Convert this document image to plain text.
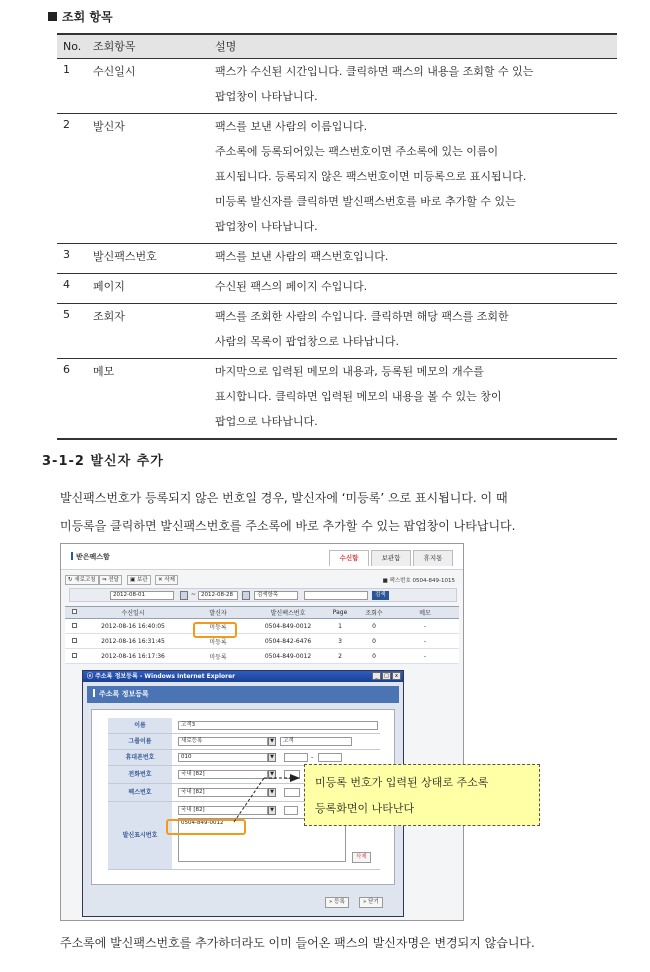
조회 항목
No.	조회항목	설명
1	수신일시	팩스가 수신된 시간입니다. 클릭하면 팩스의 내용을 조회할 수 있는
팝업창이 나타납니다.

2	발신자	팩스를 보낸 사람의 이름입니다.
주소록에 등록되어있는 팩스번호이면 주소록에 있는 이름이
표시됩니다. 등록되지 않은 팩스번호이면 미등록으로 표시됩니다.
미등록 발신자를 클릭하면 발신팩스번호를 바로 추가할 수 있는
팝업창이 나타납니다.

3	발신팩스번호	팩스를 보낸 사람의 팩스번호입니다.

4	페이지	수신된 팩스의 페이지 수입니다.

5	조회자	팩스를 조회한 사람의 수입니다. 클릭하면 해당 팩스를 조회한
사람의 목록이 팝업창으로 나타납니다.

6	메모	마지막으로 입력된 메모의 내용과, 등록된 메모의 개수를
표시합니다. 클릭하면 입력된 메모의 내용을 볼 수 있는 창이
팝업으로 나타납니다.
3-1-2 발신자 추가
발신팩스번호가 등록되지 않은 번호일 경우, 발신자에 ‘미등록’ 으로 표시됩니다. 이 때
미등록을 클릭하면 발신팩스번호를 주소록에 바로 추가할 수 있는 팝업창이 나타납니다.
받은팩스함	수신함	보관함	휴지통
↻ 새로고침	⇒ 전달	▣ 보관	✕ 삭제	■ 팩스번호 0504-849-1015
2012-08-01	~ 2012-08-28	검색항목	검색
	수신일시	발신자	발신팩스번호	Page	조회수	메모
	2012-08-16 16:40:05	미등록	0504-849-0012	1	0	-
	2012-08-16 16:31:45	미등록	0504-842-6476	3	0	-
	2012-08-16 16:17:36	미등록	0504-849-0012	2	0	-
ⓔ 주소록 정보등록 - Windows Internet Explorer	_	□	x
주소록 정보등록
이름	고객3
그룹이름	새로등록	▼	고객
휴대폰번호	010	▼	-
전화번호	국내 [82]	▼
팩스번호	국내 [82]	▼
발신표시번호
국내 [82]	▼
0504-849-0012
삭제
» 등록	» 닫기
미등록 번호가 입력된 상태로 주소록
등록화면이 나타난다
주소록에 발신팩스번호를 추가하더라도 이미 들어온 팩스의 발신자명은 변경되지 않습니다.
